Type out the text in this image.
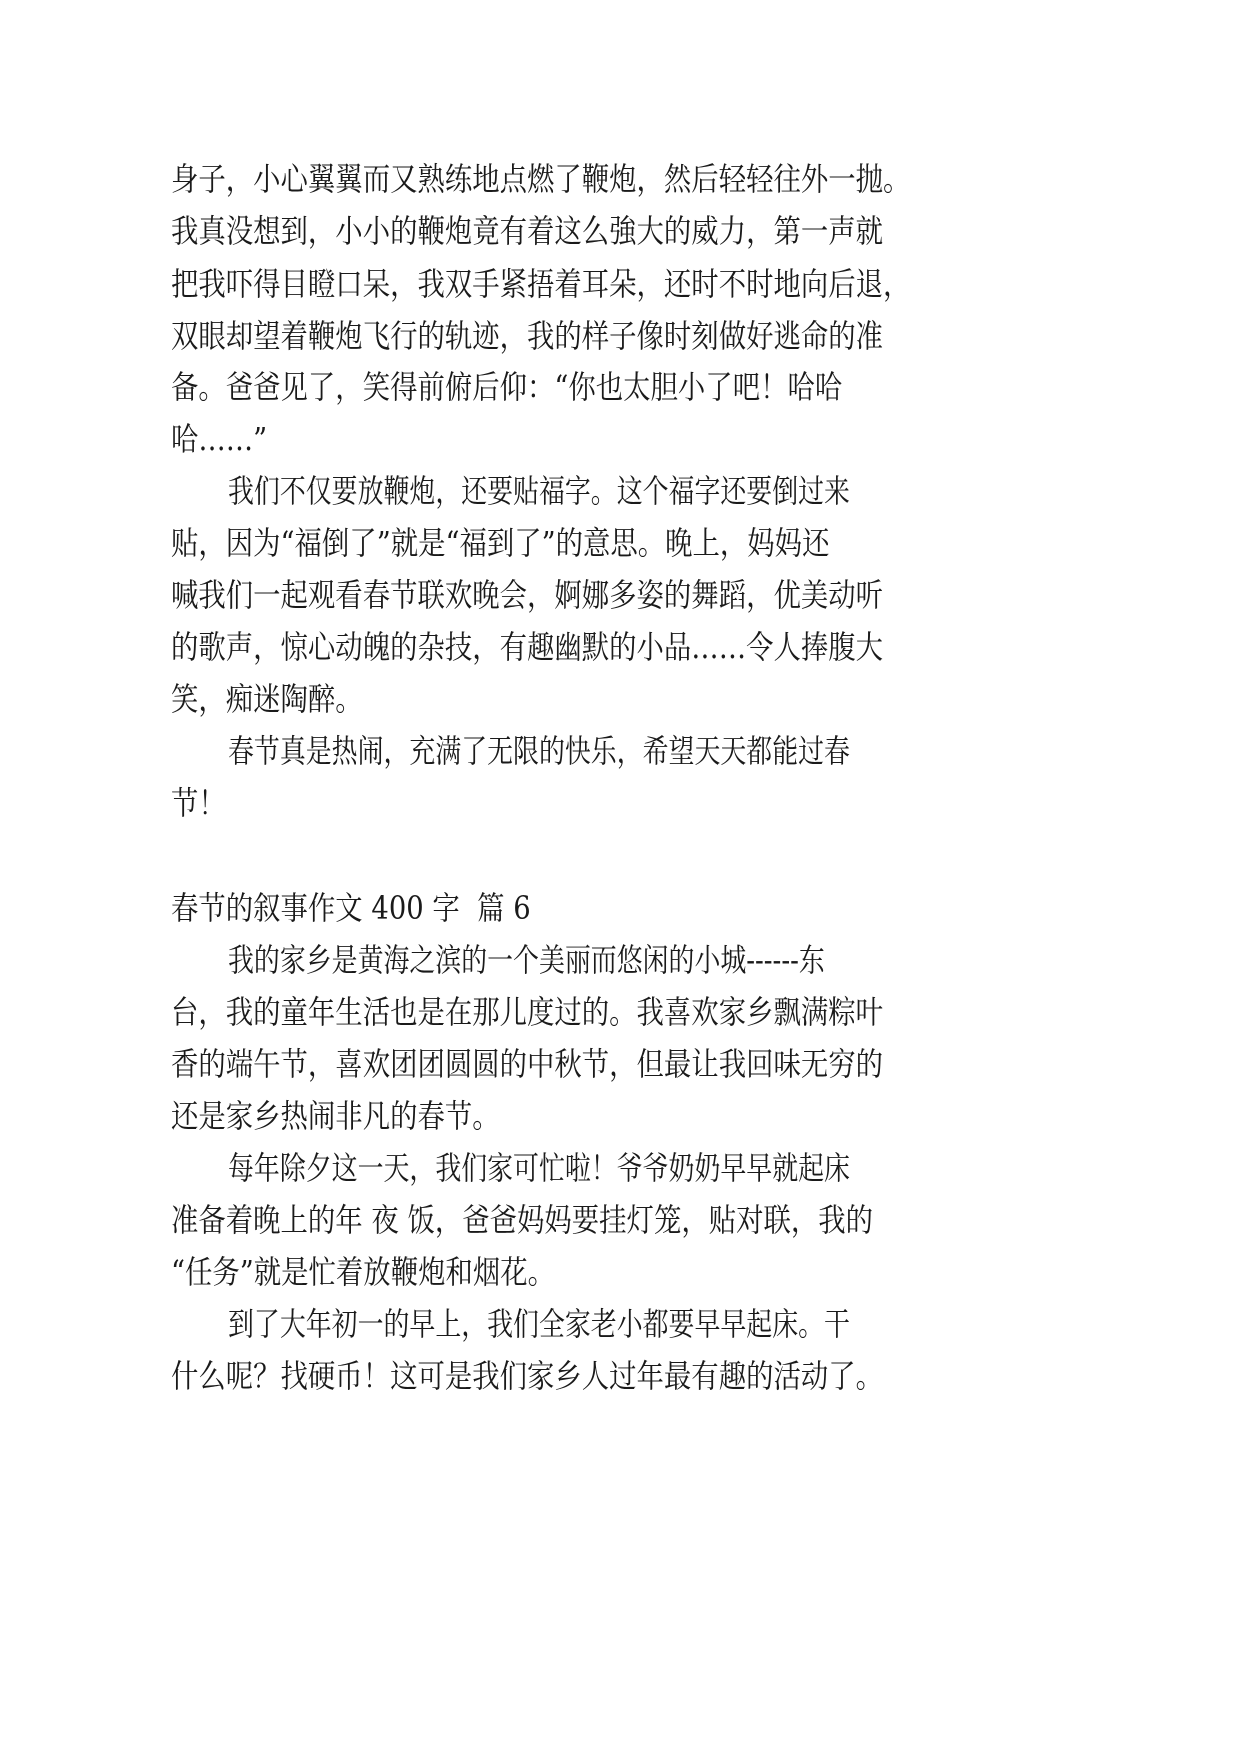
身子，小心翼翼而又熟练地点燃了鞭炮，然后轻轻往外一抛。
我真没想到，小小的鞭炮竟有着这么強大的威力，第一声就
把我吓得目瞪口呆，我双手紧捂着耳朵，还时不时地向后退，
双眼却望着鞭炮飞行的轨迹，我的样子像时刻做好逃命的准
备。爸爸见了，笑得前俯后仰：“你也太胆小了吧！哈哈
哈……”
我们不仅要放鞭炮，还要贴福字。这个福字还要倒过来
贴，因为“福倒了”就是“福到了”的意思。晚上，妈妈还
喊我们一起观看春节联欢晚会，婀娜多姿的舞蹈，优美动听
的歌声，惊心动魄的杂技，有趣幽默的小品……令人捧腹大
笑，痴迷陶醉。
春节真是热闹，充满了无限的快乐，希望天天都能过春
节！
春节的叙事作文 400 字  篇 6
我的家乡是黄海之滨的一个美丽而悠闲的小城------东
台，我的童年生活也是在那儿度过的。我喜欢家乡飘满粽叶
香的端午节，喜欢团团圆圆的中秋节，但最让我回味无穷的
还是家乡热闹非凡的春节。
每年除夕这一天，我们家可忙啦！爷爷奶奶早早就起床
准备着晚上的年 夜 饭，爸爸妈妈要挂灯笼，贴对联，我的
“任务”就是忙着放鞭炮和烟花。
到了大年初一的早上，我们全家老小都要早早起床。干
什么呢？找硬币！这可是我们家乡人过年最有趣的活动了。
